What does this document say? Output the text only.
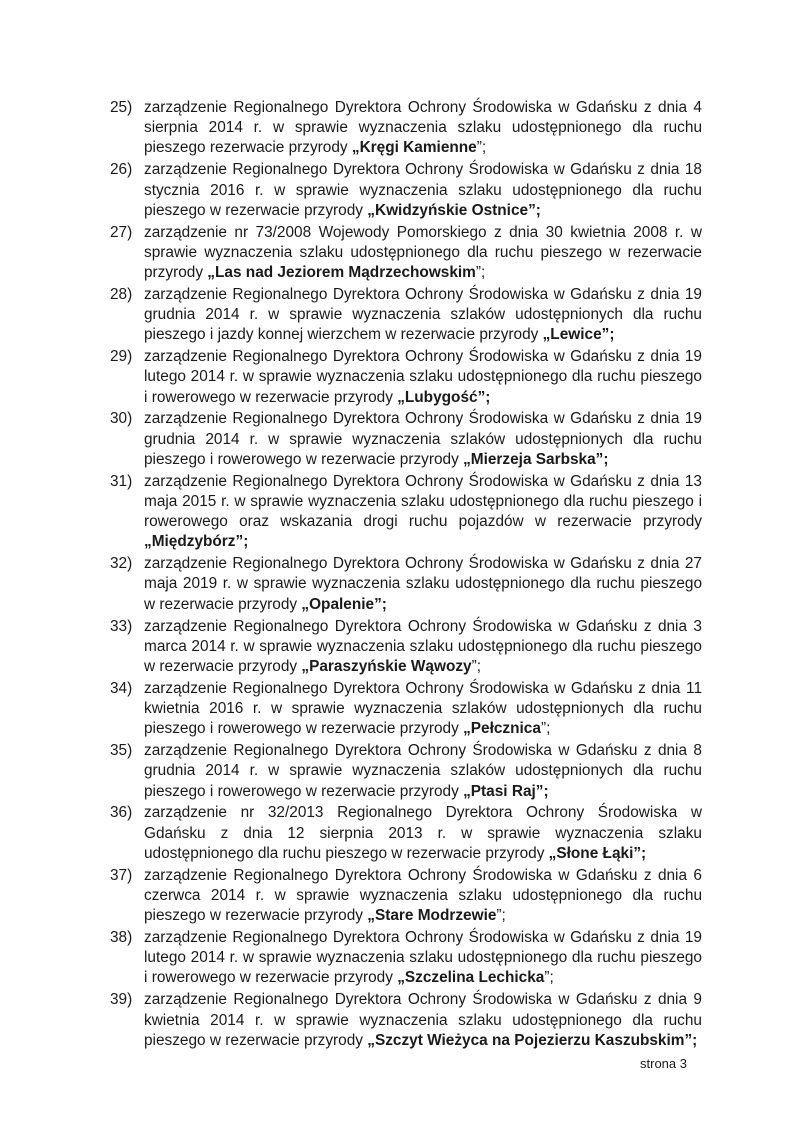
25) zarządzenie Regionalnego Dyrektora Ochrony Środowiska w Gdańsku z dnia 4 sierpnia 2014 r. w sprawie wyznaczenia szlaku udostępnionego dla ruchu pieszego rezerwacie przyrody „Kręgi Kamienne”;
26) zarządzenie Regionalnego Dyrektora Ochrony Środowiska w Gdańsku z dnia 18 stycznia 2016 r. w sprawie wyznaczenia szlaku udostępnionego dla ruchu pieszego w rezerwacie przyrody „Kwidzyńskie Ostnice”;
27) zarządzenie nr 73/2008 Wojewody Pomorskiego z dnia 30 kwietnia 2008 r. w sprawie wyznaczenia szlaku udostępnionego dla ruchu pieszego w rezerwacie przyrody „Las nad Jeziorem Mądrzechowskim”;
28) zarządzenie Regionalnego Dyrektora Ochrony Środowiska w Gdańsku z dnia 19 grudnia 2014 r. w sprawie wyznaczenia szlaków udostępnionych dla ruchu pieszego i jazdy konnej wierzchem w rezerwacie przyrody „Lewice”;
29) zarządzenie Regionalnego Dyrektora Ochrony Środowiska w Gdańsku z dnia 19 lutego 2014 r. w sprawie wyznaczenia szlaku udostępnionego dla ruchu pieszego i rowerowego w rezerwacie przyrody „Lubygość”;
30) zarządzenie Regionalnego Dyrektora Ochrony Środowiska w Gdańsku z dnia 19 grudnia 2014 r. w sprawie wyznaczenia szlaków udostępnionych dla ruchu pieszego i rowerowego w rezerwacie przyrody „Mierzeja Sarbska”;
31) zarządzenie Regionalnego Dyrektora Ochrony Środowiska w Gdańsku z dnia 13 maja 2015 r. w sprawie wyznaczenia szlaku udostępnionego dla ruchu pieszego i rowerowego oraz wskazania drogi ruchu pojazdów w rezerwacie przyrody „Międzybórz”;
32) zarządzenie Regionalnego Dyrektora Ochrony Środowiska w Gdańsku z dnia 27 maja 2019 r. w sprawie wyznaczenia szlaku udostępnionego dla ruchu pieszego w rezerwacie przyrody „Opalenie”;
33) zarządzenie Regionalnego Dyrektora Ochrony Środowiska w Gdańsku z dnia 3 marca 2014 r. w sprawie wyznaczenia szlaku udostępnionego dla ruchu pieszego w rezerwacie przyrody „Paraszyńskie Wąwozy”;
34) zarządzenie Regionalnego Dyrektora Ochrony Środowiska w Gdańsku z dnia 11 kwietnia 2016 r. w sprawie wyznaczenia szlaków udostępnionych dla ruchu pieszego i rowerowego w rezerwacie przyrody „Pełcznica”;
35) zarządzenie Regionalnego Dyrektora Ochrony Środowiska w Gdańsku z dnia 8 grudnia 2014 r. w sprawie wyznaczenia szlaków udostępnionych dla ruchu pieszego i rowerowego w rezerwacie przyrody „Ptasi Raj”;
36) zarządzenie nr 32/2013 Regionalnego Dyrektora Ochrony Środowiska w Gdańsku z dnia 12 sierpnia 2013 r. w sprawie wyznaczenia szlaku udostępnionego dla ruchu pieszego w rezerwacie przyrody „Słone Łąki”;
37) zarządzenie Regionalnego Dyrektora Ochrony Środowiska w Gdańsku z dnia 6 czerwca 2014 r. w sprawie wyznaczenia szlaku udostępnionego dla ruchu pieszego w rezerwacie przyrody „Stare Modrzewie”;
38) zarządzenie Regionalnego Dyrektora Ochrony Środowiska w Gdańsku z dnia 19 lutego 2014 r. w sprawie wyznaczenia szlaku udostępnionego dla ruchu pieszego i rowerowego w rezerwacie przyrody „Szczelina Lechicka”;
39) zarządzenie Regionalnego Dyrektora Ochrony Środowiska w Gdańsku z dnia 9 kwietnia 2014 r. w sprawie wyznaczenia szlaku udostępnionego dla ruchu pieszego w rezerwacie przyrody „Szczyt Wieżyca na Pojezierzu Kaszubskim”;
strona 3
